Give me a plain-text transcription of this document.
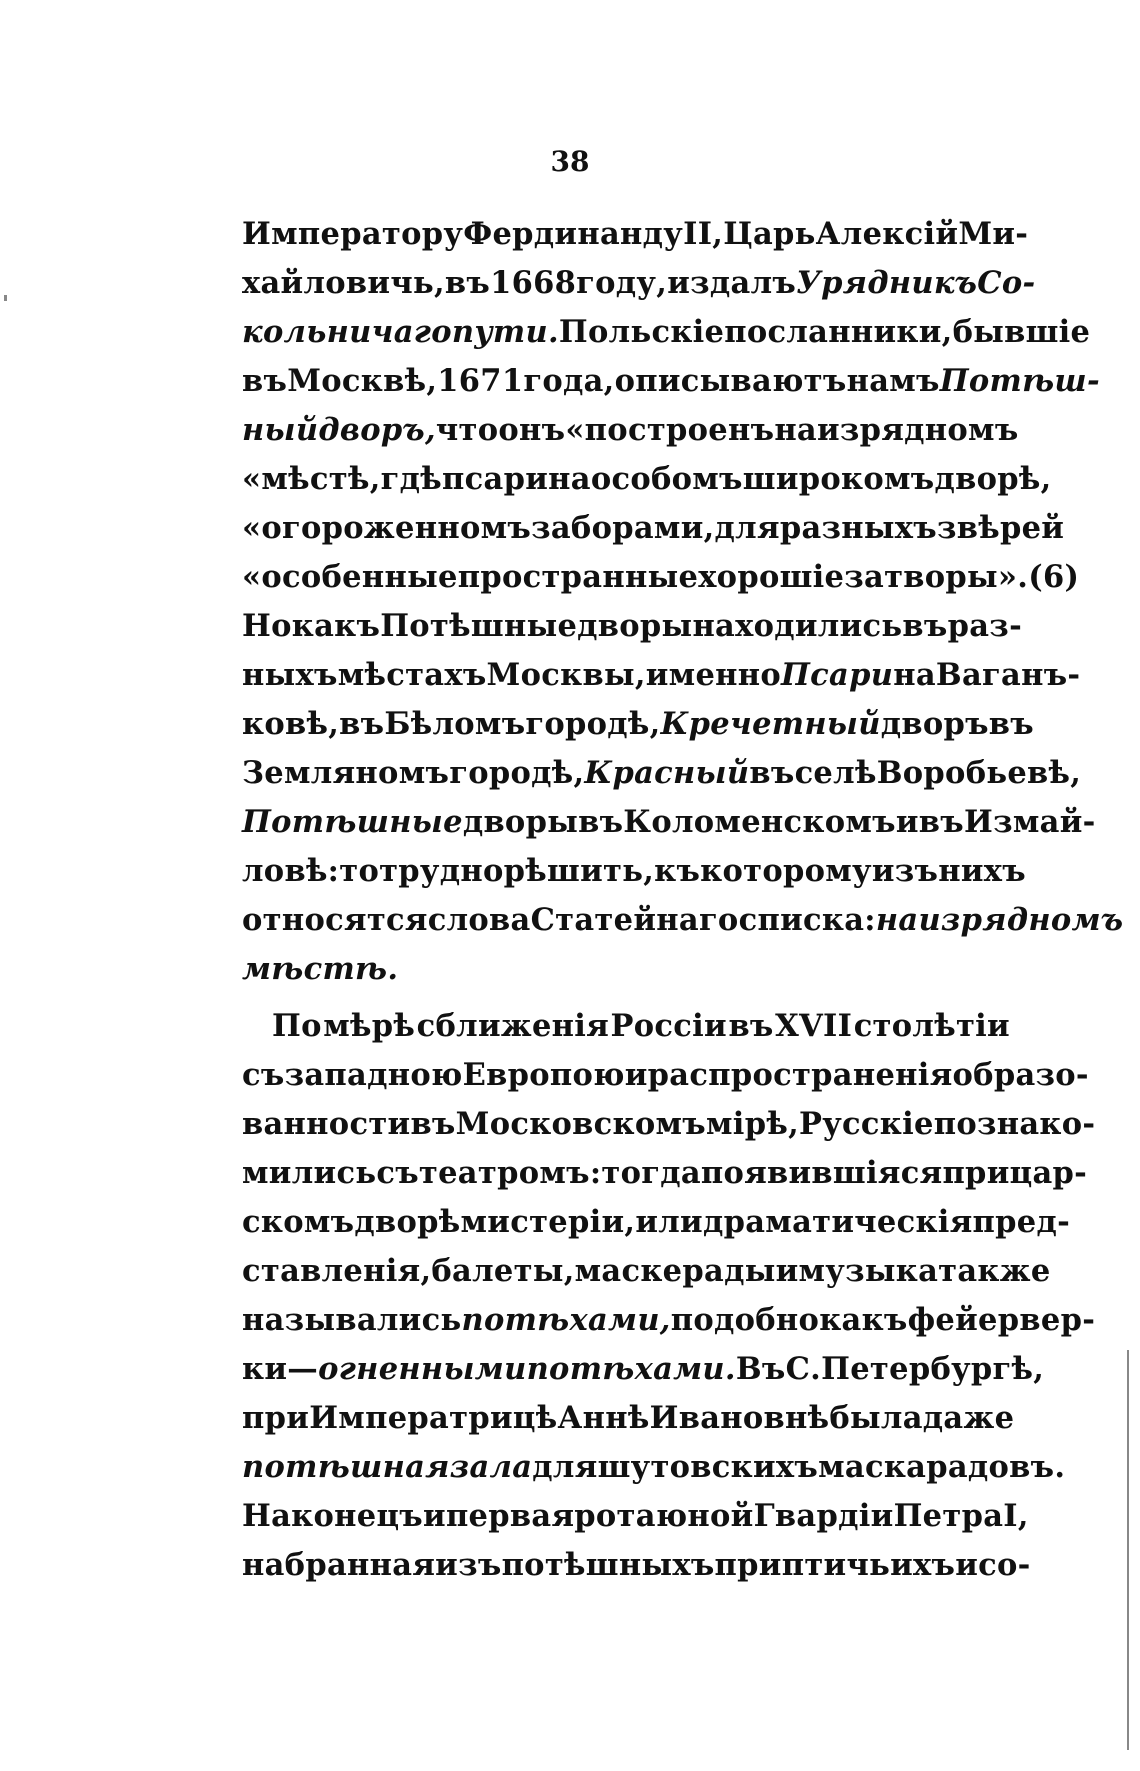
38
Императору Фердинанду II, Царь Алексій Ми-
хайловичь, въ 1668 году, издалъ Урядникъ Со-
кольничаго пути. Польскіе посланники, бывшіе
въ Москвѣ, 1671 года, описываютъ намъ Потѣш-
ный дворъ, что онъ «построенъ на изрядномъ
«мѣстѣ, гдѣ псари на особомъ широкомъ дворѣ,
«огороженномъ заборами, для разныхъ звѣрей
«особенные пространные хорошіе затворы». (6)
Но какъ Потѣшные дворы находились въ раз-
ныхъ мѣстахъ Москвы, именно Псари на Ваганъ-
ковѣ, въ Бѣломъ городѣ, Кречетный дворъ въ
Земляномъ городѣ, Красный въ селѣ Воробьевѣ,
Потѣшные дворы въ Коломенскомъ и въ Измай-
ловѣ: то трудно рѣшить, къ которому изъ нихъ
относятся слова Статейнаго списка: на изрядномъ
мѣстѣ.
По мѣрѣ сближенія Россіи въ XVII столѣтіи
съ западною Европою и распространенія образо-
ванности въ Московскомъ мірѣ, Русскіе познако-
мились съ театромъ: тогда появившіяся при цар-
скомъ дворѣ мистеріи, или драматическія пред-
ставленія, балеты, маскерады и музыка также
назывались потѣхами, подобно какъ фейервер-
ки — огненными потѣхами. Въ С. Петербургѣ,
при Императрицѣ Аннѣ Ивановнѣ была даже
потѣшная зала для шутовскихъ маскарадовъ.
Наконецъ и первая рота юной Гвардіи Петра I,
набранная изъ потѣшныхъ при птичьихъ и со-
